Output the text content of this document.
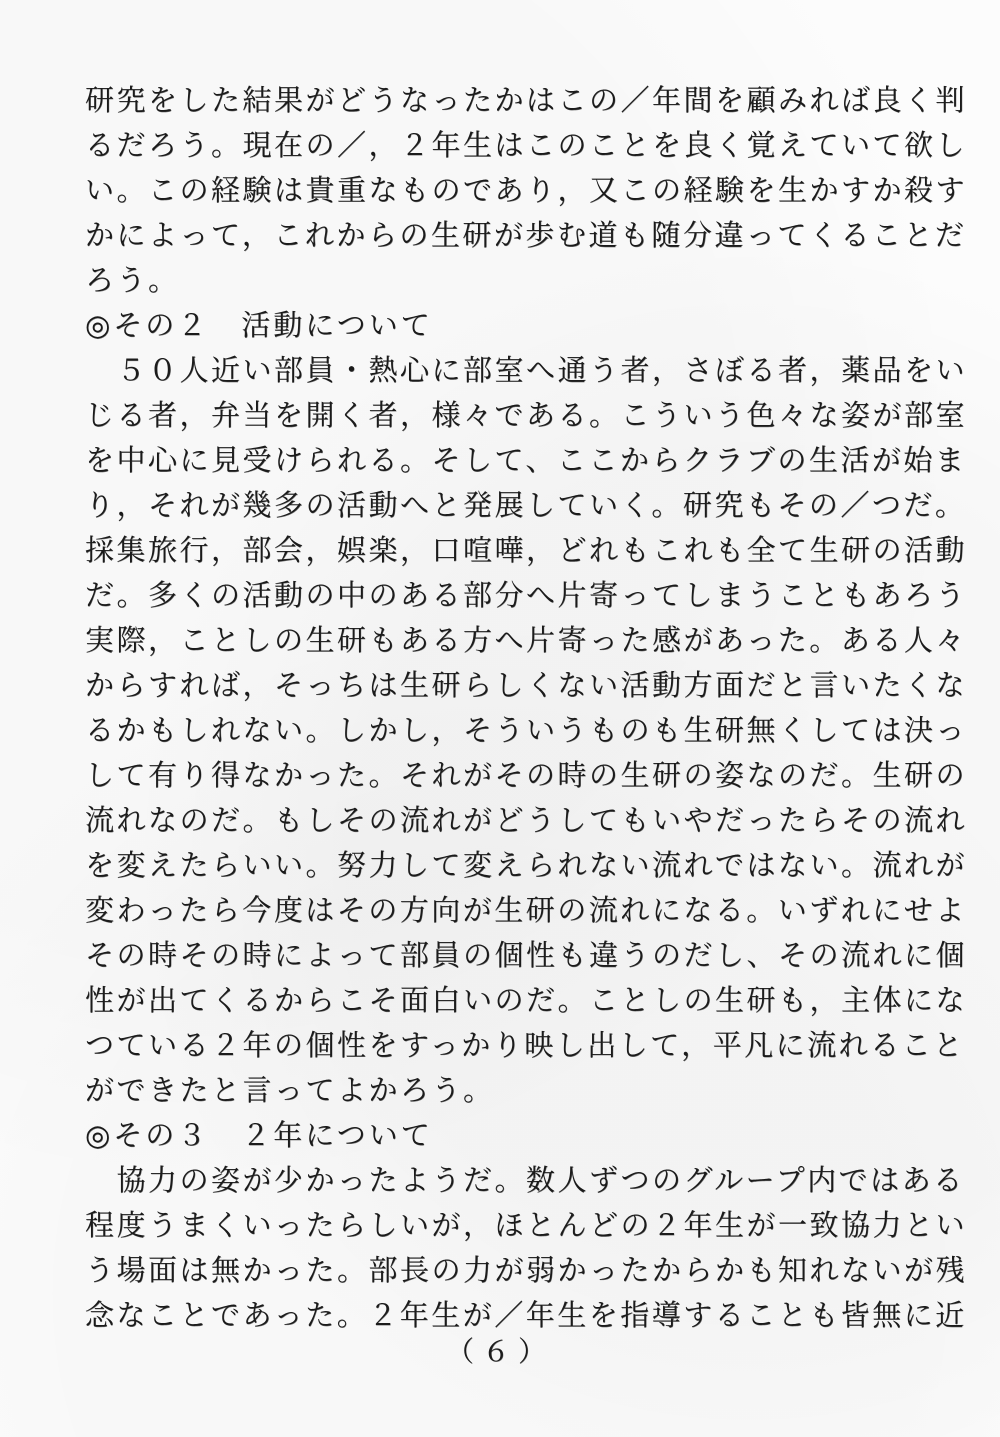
研究をした結果がどうなったかはこの／年間を顧みれば良く判
るだろう。現在の／，２年生はこのことを良く覚えていて欲し
い。この経験は貴重なものであり，又この経験を生かすか殺す
かによって，これからの生研が歩む道も随分違ってくることだ
ろう。
◎その２　活動について
　５０人近い部員・熱心に部室へ通う者，さぼる者，薬品をい
じる者，弁当を開く者，様々である。こういう色々な姿が部室
を中心に見受けられる。そして、ここからクラブの生活が始ま
り，それが幾多の活動へと発展していく。研究もその／つだ。
採集旅行，部会，娯楽，口喧嘩，どれもこれも全て生研の活動
だ。多くの活動の中のある部分へ片寄ってしまうこともあろう
実際，ことしの生研もある方へ片寄った感があった。ある人々
からすれば，そっちは生研らしくない活動方面だと言いたくな
るかもしれない。しかし，そういうものも生研無くしては決っ
して有り得なかった。それがその時の生研の姿なのだ。生研の
流れなのだ。もしその流れがどうしてもいやだったらその流れ
を変えたらいい。努力して変えられない流れではない。流れが
変わったら今度はその方向が生研の流れになる。いずれにせよ
その時その時によって部員の個性も違うのだし、その流れに個
性が出てくるからこそ面白いのだ。ことしの生研も，主体にな
つている２年の個性をすっかり映し出して，平凡に流れること
ができたと言ってよかろう。
◎その３　２年について
　協力の姿が少かったようだ。数人ずつのグループ内ではある
程度うまくいったらしいが，ほとんどの２年生が一致協力とい
う場面は無かった。部長の力が弱かったからかも知れないが残
念なことであった。２年生が／年生を指導することも皆無に近
（６）
